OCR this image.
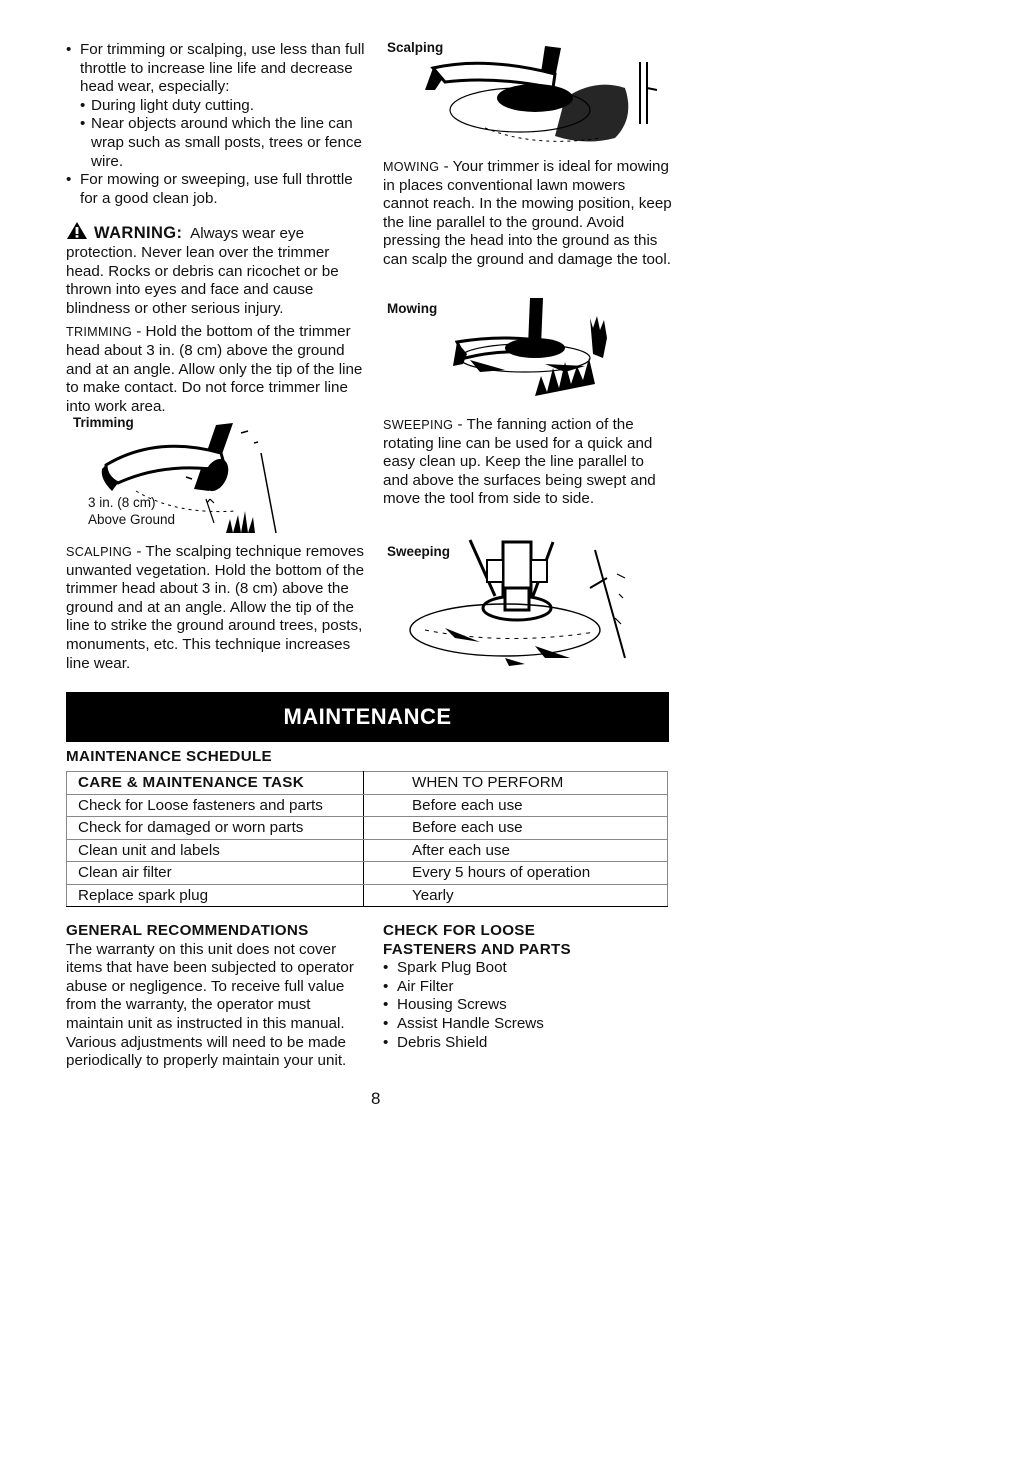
• For trimming or scalping, use less than full throttle to increase line life and decrease head wear, especially:
• During light duty cutting.
• Near objects around which the line can wrap such as small posts, trees or fence wire.
• For mowing or sweeping, use full throttle for a good clean job.

WARNING: Always wear eye protection. Never lean over the trimmer head. Rocks or debris can ricochet or be thrown into eyes and face and cause blindness or other serious injury.

TRIMMING - Hold the bottom of the trimmer head about 3 in. (8 cm) above the ground and at an angle. Allow only the tip of the line to make contact. Do not force trimmer line into work area.

Trimming
3 in. (8 cm)
Above Ground

SCALPING - The scalping technique removes unwanted vegetation. Hold the bottom of the trimmer head about 3 in. (8 cm) above the ground and at an angle. Allow the tip of the line to strike the ground around trees, posts, monuments, etc. This technique increases line wear.

Scalping

MOWING - Your trimmer is ideal for mowing in places conventional lawn mowers cannot reach. In the mowing position, keep the line parallel to the ground. Avoid pressing the head into the ground as this can scalp the ground and damage the tool.

Mowing

SWEEPING - The fanning action of the rotating line can be used for a quick and easy clean up. Keep the line parallel to and above the surfaces being swept and move the tool from side to side.

Sweeping
MAINTENANCE
MAINTENANCE SCHEDULE
CARE & MAINTENANCE TASK	WHEN TO PERFORM
Check for Loose fasteners and parts	Before each use
Check for damaged or worn parts	Before each use
Clean unit and labels	After each use
Clean air filter	Every 5 hours of operation
Replace spark plug	Yearly
GENERAL RECOMMENDATIONS
The warranty on this unit does not cover items that have been subjected to operator abuse or negligence. To receive full value from the warranty, the operator must maintain unit as instructed in this manual. Various adjustments will need to be made periodically to properly maintain your unit.
CHECK FOR LOOSE
FASTENERS AND PARTS
• Spark Plug Boot
• Air Filter
• Housing Screws
• Assist Handle Screws
• Debris Shield
8
